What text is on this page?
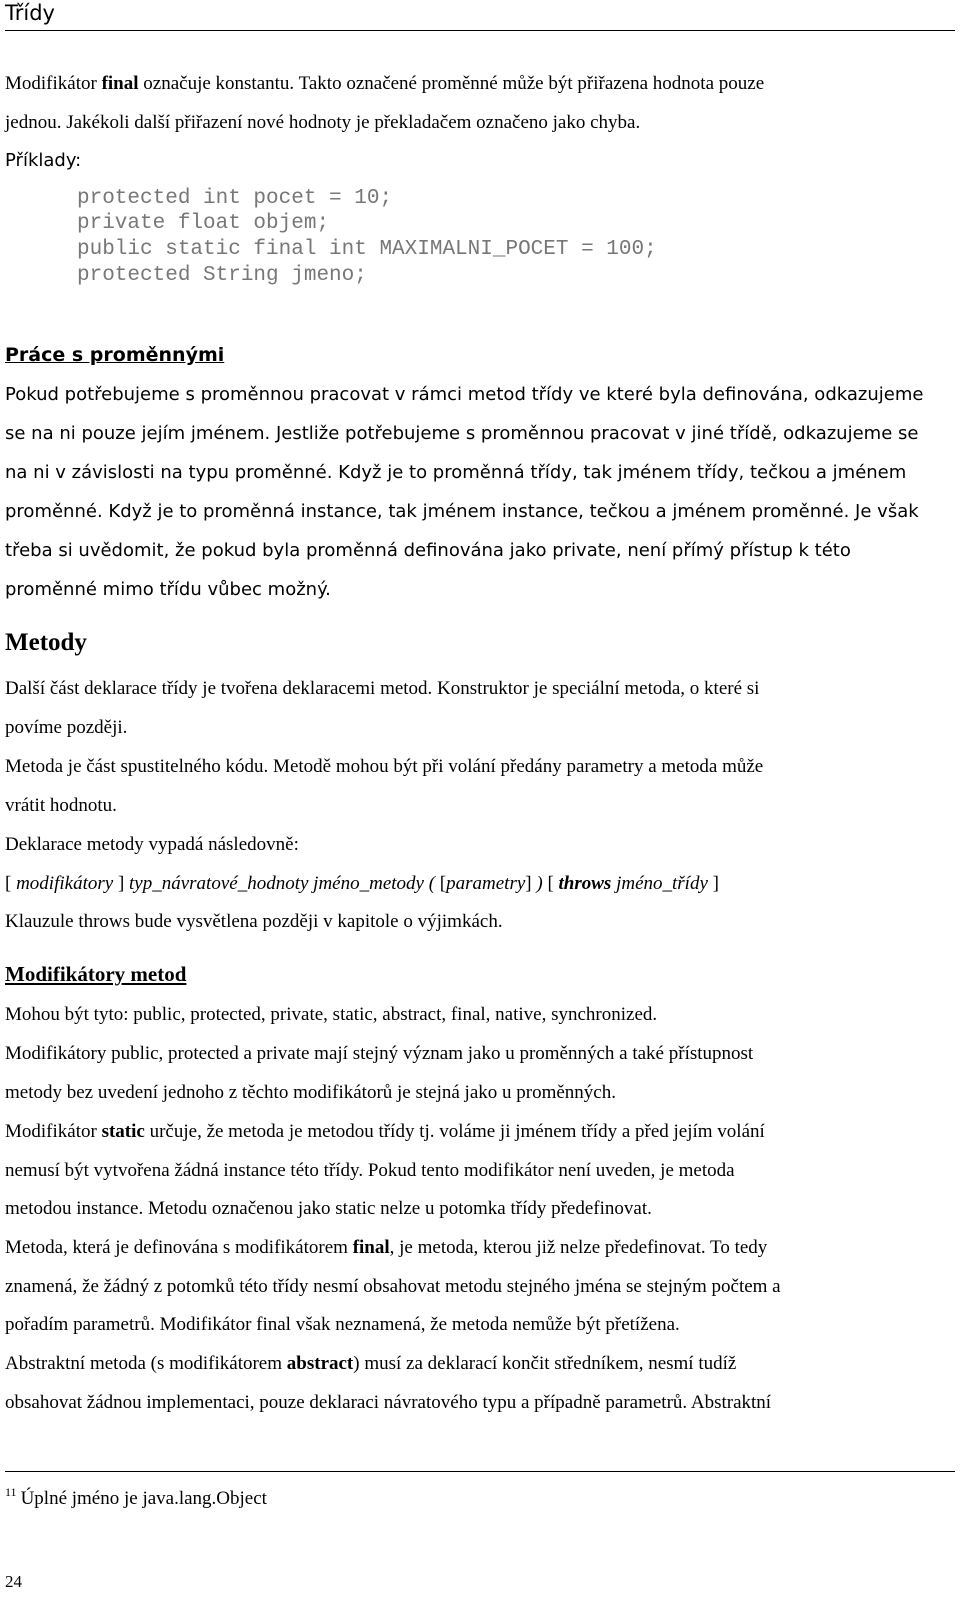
Třídy
Modifikátor final označuje konstantu. Takto označené proměnné může být přiřazena hodnota pouze
jednou. Jakékoli další přiřazení nové hodnoty je překladačem označeno jako chyba.
Příklady:
protected int pocet = 10;
private float objem;
public static final int MAXIMALNI_POCET = 100;
protected String jmeno;
Práce s proměnnými
Pokud potřebujeme s proměnnou pracovat v rámci metod třídy ve které byla definována, odkazujeme
se na ni pouze jejím jménem. Jestliže potřebujeme s proměnnou pracovat v jiné třídě, odkazujeme se
na ni v závislosti na typu proměnné. Když je to proměnná třídy, tak jménem třídy, tečkou a jménem
proměnné. Když je to proměnná instance, tak jménem instance, tečkou a jménem proměnné. Je však
třeba si uvědomit, že pokud byla proměnná definována jako private, není přímý přístup k této
proměnné mimo třídu vůbec možný.
Metody
Další část deklarace třídy je tvořena deklaracemi metod. Konstruktor je speciální metoda, o které si
povíme později.
Metoda je část spustitelného kódu. Metodě mohou být při volání předány parametry a metoda může
vrátit hodnotu.
Deklarace metody vypadá následovně:
[ modifikátory ] typ_návratové_hodnoty jméno_metody ( [parametry] ) [ throws jméno_třídy ]
Klauzule throws bude vysvětlena později v kapitole o výjimkách.
Modifikátory metod
Mohou být tyto: public, protected, private, static, abstract, final, native, synchronized.
Modifikátory public, protected a private mají stejný význam jako u proměnných a také přístupnost
metody bez uvedení jednoho z těchto modifikátorů je stejná jako u proměnných.
Modifikátor static určuje, že metoda je metodou třídy tj. voláme ji jménem třídy a před jejím volání
nemusí být vytvořena žádná instance této třídy. Pokud tento modifikátor není uveden, je metoda
metodou instance. Metodu označenou jako static nelze u potomka třídy předefinovat.
Metoda, která je definována s modifikátorem final, je metoda, kterou již nelze předefinovat. To tedy
znamená, že žádný z potomků této třídy nesmí obsahovat metodu stejného jména se stejným počtem a
pořadím parametrů. Modifikátor final však neznamená, že metoda nemůže být přetížena.
Abstraktní metoda (s modifikátorem abstract) musí za deklarací končit středníkem, nesmí tudíž
obsahovat žádnou implementaci, pouze deklaraci návratového typu a případně parametrů. Abstraktní
$^{11}$ Úplné jméno je java.lang.Object
24
